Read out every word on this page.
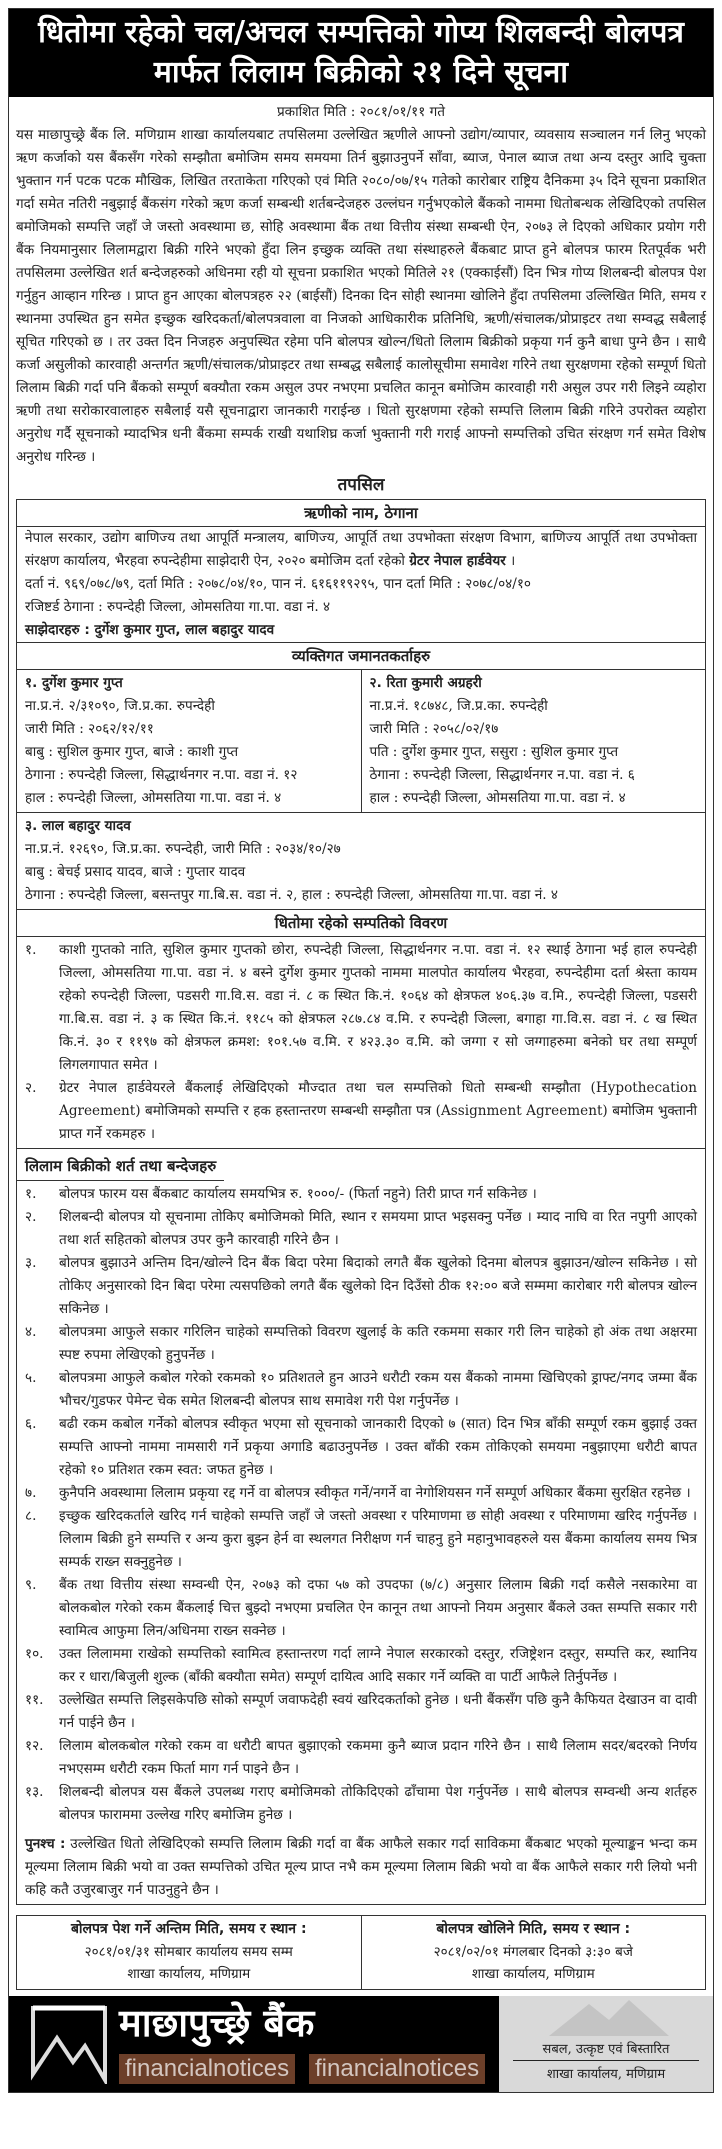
धितोमा रहेको चल/अचल सम्पत्तिको गोप्य शिलबन्दी बोलपत्र
मार्फत लिलाम बिक्रीको २१ दिने सूचना
प्रकाशित मिति : २०८१/०१/११ गते
यस माछापुच्छ्रे बैंक लि. मणिग्राम शाखा कार्यालयबाट तपसिलमा उल्लेखित ऋणीले आफ्नो उद्योग/व्यापार, व्यवसाय सञ्चालन गर्न लिनु भएको ऋण कर्जाको यस बैंकसँग गरेको सम्झौता बमोजिम समय समयमा तिर्न बुझाउनुपर्ने साँवा, ब्याज, पेनाल ब्याज तथा अन्य दस्तुर आदि चुक्ता भुक्तान गर्न पटक पटक मौखिक, लिखित तरताकेता गरिएको एवं मिति २०८०/०७/१५ गतेको कारोबार राष्ट्रिय दैनिकमा ३५ दिने सूचना प्रकाशित गर्दा समेत नतिरी नबुझाई बैंकसंग गरेको ऋण कर्जा सम्बन्धी शर्तबन्देजहरु उल्लंघन गर्नुभएकोले बैंकको नाममा धितोबन्धक लेखिदिएको तपसिल बमोजिमको सम्पत्ति जहाँ जे जस्तो अवस्थामा छ, सोहि अवस्थामा बैंक तथा वित्तीय संस्था सम्बन्धी ऐन, २०७३ ले दिएको अधिकार प्रयोग गरी बैंक नियमानुसार लिलामद्वारा बिक्री गरिने भएको हुँदा लिन इच्छुक व्यक्ति तथा संस्थाहरुले बैंकबाट प्राप्त हुने बोलपत्र फारम रितपूर्वक भरी तपसिलमा उल्लेखित शर्त बन्देजहरुको अधिनमा रही यो सूचना प्रकाशित भएको मितिले २१ (एक्काईसौं) दिन भित्र गोप्य शिलबन्दी बोलपत्र पेश गर्नुहुन आव्हान गरिन्छ । प्राप्त हुन आएका बोलपत्रहरु २२ (बाईसौं) दिनका दिन सोही स्थानमा खोलिने हुँदा तपसिलमा उल्लिखित मिति, समय र स्थानमा उपस्थित हुन समेत इच्छुक खरिदकर्ता/बोलपत्रवाला वा निजको आधिकारीक प्रतिनिधि, ऋणी/संचालक/प्रोप्राइटर तथा सम्वद्ध सबैलाई सूचित गरिएको छ । तर उक्त दिन निजहरु अनुपस्थित रहेमा पनि बोलपत्र खोल्न/धितो लिलाम बिक्रीको प्रकृया गर्न कुनै बाधा पुग्ने छैन । साथै कर्जा असुलीको कारवाही अन्तर्गत ऋणी/संचालक/प्रोप्राइटर तथा सम्बद्ध सबैलाई कालोसूचीमा समावेश गरिने तथा सुरक्षणमा रहेको सम्पूर्ण धितो लिलाम बिक्री गर्दा पनि बैंकको सम्पूर्ण बक्यौता रकम असुल उपर नभएमा प्रचलित कानून बमोजिम कारवाही गरी असुल उपर गरी लिइने व्यहोरा ऋणी तथा सरोकारवालाहरु सबैलाई यसै सूचनाद्वारा जानकारी गराईन्छ । धितो सुरक्षणमा रहेको सम्पत्ति लिलाम बिक्री गरिने उपरोक्त व्यहोरा अनुरोध गर्दै सूचनाको म्यादभित्र धनी बैंकमा सम्पर्क राखी यथाशिघ्र कर्जा भुक्तानी गरी गराई आफ्नो सम्पत्तिको उचित संरक्षण गर्न समेत विशेष अनुरोध गरिन्छ ।
तपसिल
ऋणीको नाम, ठेगाना
नेपाल सरकार, उद्योग बाणिज्य तथा आपूर्ति मन्त्रालय, बाणिज्य, आपूर्ति तथा उपभोक्ता संरक्षण विभाग, बाणिज्य आपूर्ति तथा उपभोक्ता संरक्षण कार्यालय, भैरहवा रुपन्देहीमा साझेदारी ऐन, २०२० बमोजिम दर्ता रहेको ग्रेटर नेपाल हार्डवेयर ।
दर्ता नं. ९६९/०७८/७९, दर्ता मिति : २०७८/०४/१०, पान नं. ६१६११९२९५, पान दर्ता मिति : २०७८/०४/१०
रजिष्टर्ड ठेगाना : रुपन्देही जिल्ला, ओमसतिया गा.पा. वडा नं. ४
साझेदारहरु : दुर्गेश कुमार गुप्त, लाल बहादुर यादव
व्यक्तिगत जमानतकर्ताहरु
१. दुर्गेश कुमार गुप्त
ना.प्र.नं. २/३१०९०, जि.प्र.का. रुपन्देही
जारी मिति : २०६२/१२/११
बाबु : सुशिल कुमार गुप्त, बाजे : काशी गुप्त
ठेगाना : रुपन्देही जिल्ला, सिद्धार्थनगर न.पा. वडा नं. १२
हाल : रुपन्देही जिल्ला, ओमसतिया गा.पा. वडा नं. ४
२. रिता कुमारी अग्रहरी
ना.प्र.नं. १८७४८, जि.प्र.का. रुपन्देही
जारी मिति : २०५८/०२/१७
पति : दुर्गेश कुमार गुप्त, ससुरा : सुशिल कुमार गुप्त
ठेगाना : रुपन्देही जिल्ला, सिद्धार्थनगर न.पा. वडा नं. ६
हाल : रुपन्देही जिल्ला, ओमसतिया गा.पा. वडा नं. ४
३. लाल बहादुर यादव
ना.प्र.नं. १२६९०, जि.प्र.का. रुपन्देही, जारी मिति : २०३४/१०/२७
बाबु : बेचई प्रसाद यादव, बाजे : गुप्तार यादव
ठेगाना : रुपन्देही जिल्ला, बसन्तपुर गा.बि.स. वडा नं. २, हाल : रुपन्देही जिल्ला, ओमसतिया गा.पा. वडा नं. ४
धितोमा रहेको सम्पतिको विवरण
१.	काशी गुप्तको नाति, सुशिल कुमार गुप्तको छोरा, रुपन्देही जिल्ला, सिद्धार्थनगर न.पा. वडा नं. १२ स्थाई ठेगाना भई हाल रुपन्देही जिल्ला, ओमसतिया गा.पा. वडा नं. ४ बस्ने दुर्गेश कुमार गुप्तको नाममा मालपोत कार्यालय भैरहवा, रुपन्देहीमा दर्ता श्रेस्ता कायम रहेको रुपन्देही जिल्ला, पडसरी गा.वि.स. वडा नं. ८ क स्थित कि.नं. १०६४ को क्षेत्रफल ४०६.३७ व.मि., रुपन्देही जिल्ला, पडसरी गा.बि.स. वडा नं. ३ क स्थित कि.नं. ११८५ को क्षेत्रफल २८७.८४ व.मि. र रुपन्देही जिल्ला, बगाहा गा.वि.स. वडा नं. ८ ख स्थित कि.नं. ३० र ११९७ को क्षेत्रफल क्रमश: १०१.५७ व.मि. र ४२३.३० व.मि. को जग्गा र सो जग्गाहरुमा बनेको घर तथा सम्पूर्ण लिगलगापात समेत ।
२.	ग्रेटर नेपाल हार्डवेयरले बैंकलाई लेखिदिएको मौज्दात तथा चल सम्पत्तिको धितो सम्बन्धी सम्झौता (Hypothecation Agreement) बमोजिमको सम्पत्ति र हक हस्तान्तरण सम्बन्धी सम्झौता पत्र (Assignment Agreement) बमोजिम भुक्तानी प्राप्त गर्ने रकमहरु ।
लिलाम बिक्रीको शर्त तथा बन्देजहरु
१.	बोलपत्र फारम यस बैंकबाट कार्यालय समयभित्र रु. १०००/- (फिर्ता नहुने) तिरी प्राप्त गर्न सकिनेछ ।
२.	शिलबन्दी बोलपत्र यो सूचनामा तोकिए बमोजिमको मिति, स्थान र समयमा प्राप्त भइसक्नु पर्नेछ । म्याद नाघि वा रित नपुगी आएको तथा शर्त सहितको बोलपत्र उपर कुनै कारवाही गरिने छैन ।
३.	बोलपत्र बुझाउने अन्तिम दिन/खोल्ने दिन बैंक बिदा परेमा बिदाको लगतै बैंक खुलेको दिनमा बोलपत्र बुझाउन/खोल्न सकिनेछ । सो तोकिए अनुसारको दिन बिदा परेमा त्यसपछिको लगतै बैंक खुलेको दिन दिउँसो ठीक १२:०० बजे सम्ममा कारोबार गरी बोलपत्र खोल्न सकिनेछ ।
४.	बोलपत्रमा आफुले सकार गरिलिन चाहेको सम्पत्तिको विवरण खुलाई के कति रकममा सकार गरी लिन चाहेको हो अंक तथा अक्षरमा स्पष्ट रुपमा लेखिएको हुनुपर्नेछ ।
५.	बोलपत्रमा आफुले कबोल गरेको रकमको १० प्रतिशतले हुन आउने धरौटी रकम यस बैंकको नाममा खिचिएको ड्राफ्ट/नगद जम्मा बैंक भौचर/गुडफर पेमेन्ट चेक समेत शिलबन्दी बोलपत्र साथ समावेश गरी पेश गर्नुपर्नेछ ।
६.	बढी रकम कबोल गर्नेको बोलपत्र स्वीकृत भएमा सो सूचनाको जानकारी दिएको ७ (सात) दिन भित्र बाँकी सम्पूर्ण रकम बुझाई उक्त सम्पत्ति आफ्नो नाममा नामसारी गर्ने प्रकृया अगाडि बढाउनुपर्नेछ । उक्त बाँकी रकम तोकिएको समयमा नबुझाएमा धरौटी बापत रहेको १० प्रतिशत रकम स्वत: जफत हुनेछ ।
७.	कुनैपनि अवस्थामा लिलाम प्रकृया रद्द गर्ने वा बोलपत्र स्वीकृत गर्ने/नगर्ने वा नेगोशियसन गर्ने सम्पूर्ण अधिकार बैंकमा सुरक्षित रहनेछ ।
८.	इच्छुक खरिदकर्ताले खरिद गर्न चाहेको सम्पत्ति जहाँ जे जस्तो अवस्था र परिमाणमा छ सोही अवस्था र परिमाणमा खरिद गर्नुपर्नेछ । लिलाम बिक्री हुने सम्पत्ति र अन्य कुरा बुझ्न हेर्न वा स्थलगत निरीक्षण गर्न चाहनु हुने महानुभावहरुले यस बैंकमा कार्यालय समय भित्र सम्पर्क राख्न सक्नुहुनेछ ।
९.	बैंक तथा वित्तीय संस्था सम्वन्धी ऐन, २०७३ को दफा ५७ को उपदफा (७/८) अनुसार लिलाम बिक्री गर्दा कसैले नसकारेमा वा बोलकबोल गरेको रकम बैंकलाई चित्त बुझ्दो नभएमा प्रचलित ऐन कानून तथा आफ्नो नियम अनुसार बैंकले उक्त सम्पत्ति सकार गरी स्वामित्व आफुमा लिन/अधिनमा राख्न सक्नेछ ।
१०.	उक्त लिलाममा राखेको सम्पत्तिको स्वामित्व हस्तान्तरण गर्दा लाग्ने नेपाल सरकारको दस्तुर, रजिष्ट्रेशन दस्तुर, सम्पत्ति कर, स्थानिय कर र धारा/बिजुली शुल्क (बाँकी बक्यौता समेत) सम्पूर्ण दायित्व आदि सकार गर्ने व्यक्ति वा पार्टी आफैले तिर्नुपर्नेछ ।
११.	उल्लेखित सम्पत्ति लिइसकेपछि सोको सम्पूर्ण जवाफदेही स्वयं खरिदकर्ताको हुनेछ । धनी बैंकसँग पछि कुनै कैफियत देखाउन वा दावी गर्न पाईने छैन ।
१२.	लिलाम बोलकबोल गरेको रकम वा धरौटी बापत बुझाएको रकममा कुनै ब्याज प्रदान गरिने छैन । साथै लिलाम सदर/बदरको निर्णय नभएसम्म धरौटी रकम फिर्ता माग गर्न पाइने छैन ।
१३.	शिलबन्दी बोलपत्र यस बैंकले उपलब्ध गराए बमोजिमको तोकिदिएको ढाँचामा पेश गर्नुपर्नेछ । साथै बोलपत्र सम्वन्धी अन्य शर्तहरु बोलपत्र फाराममा उल्लेख गरिए बमोजिम हुनेछ ।
पुनश्च : उल्लेखित धितो लेखिदिएको सम्पत्ति लिलाम बिक्री गर्दा वा बैंक आफैले सकार गर्दा साविकमा बैंकबाट भएको मूल्याङ्कन भन्दा कम मूल्यमा लिलाम बिक्री भयो वा उक्त सम्पत्तिको उचित मूल्य प्राप्त नभै कम मूल्यमा लिलाम बिक्री भयो वा बैंक आफैले सकार गरी लियो भनी कहि कतै उजुरबाजुर गर्न पाउनुहुने छैन ।
बोलपत्र पेश गर्ने अन्तिम मिति, समय र स्थान :
२०८१/०१/३१ सोमबार कार्यालय समय सम्म
शाखा कार्यालय, मणिग्राम
बोलपत्र खोलिने मिति, समय र स्थान :
२०८१/०२/०१ मंगलबार दिनको ३:३० बजे
शाखा कार्यालय, मणिग्राम
माछापुच्छ्रे बैंक
financialnotices financialnotices
सबल, उत्कृष्ट एवं बिस्तारित
शाखा कार्यालय, मणिग्राम
